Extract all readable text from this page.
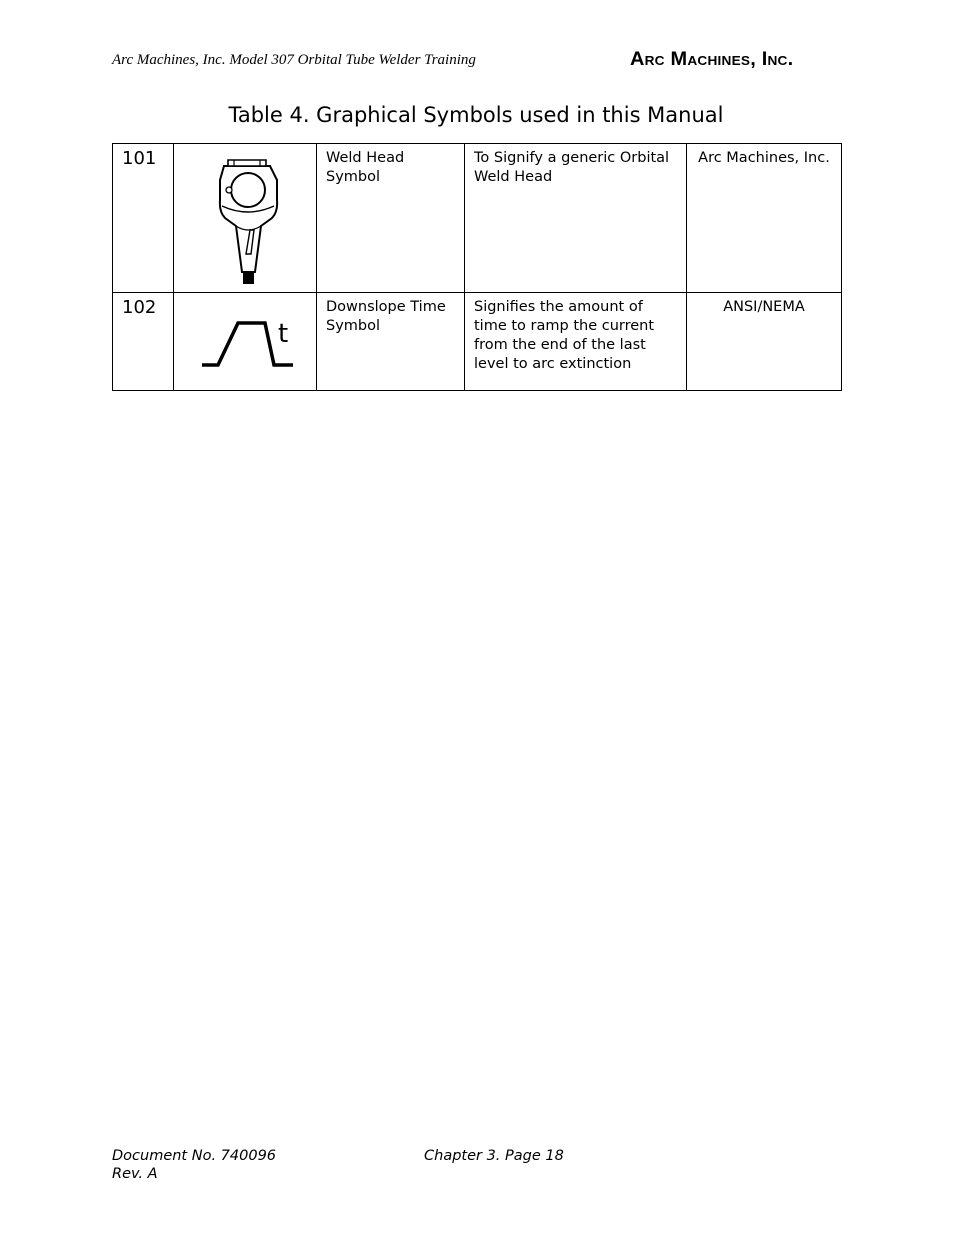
Arc Machines, Inc. Model 307 Orbital Tube Welder Training	Arc Machines, Inc.
Table 4. Graphical Symbols used in this Manual
101		Weld Head Symbol	To Signify a generic Orbital Weld Head	Arc Machines, Inc.
102	t	Downslope Time Symbol	Signifies the amount of time to ramp the current from the end of the last level to arc extinction	ANSI/NEMA
Document No. 740096
Rev. A
Chapter 3. Page 18
